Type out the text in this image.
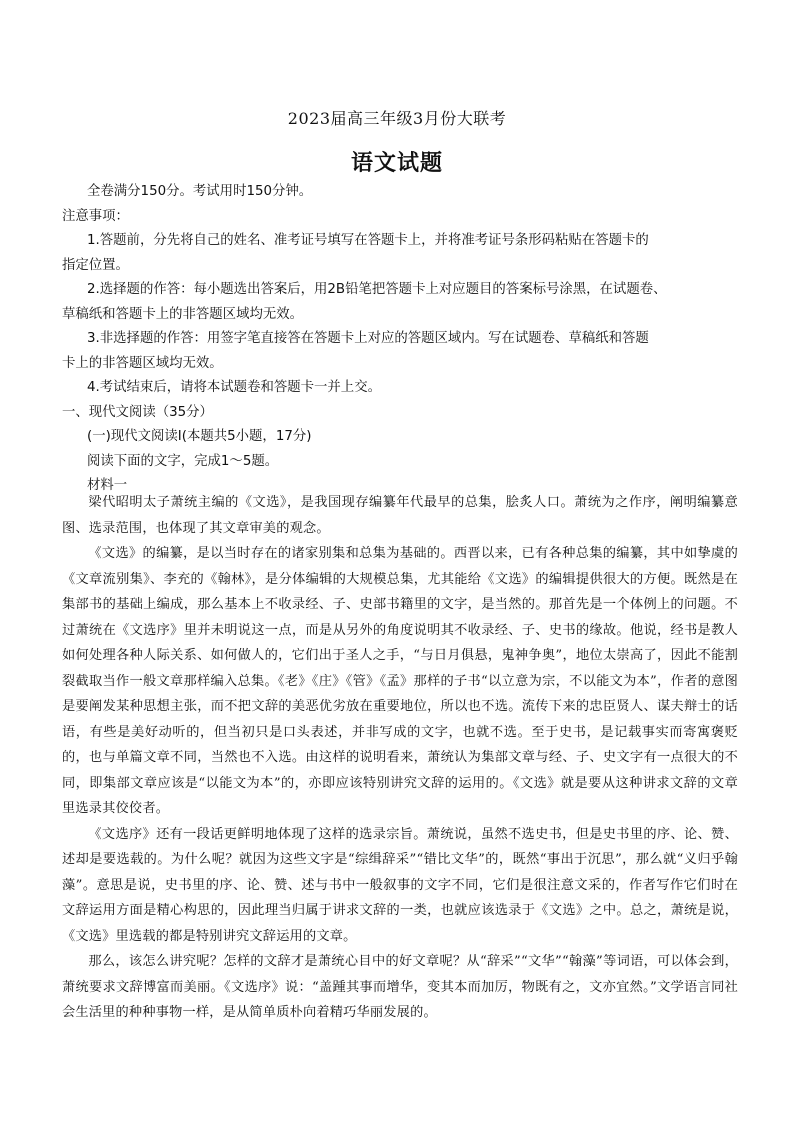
2023届高三年级3月份大联考
语文试题
全卷满分150分。考试用时150分钟。
注意事项：
1.答题前，分先将自己的姓名、准考证号填写在答题卡上，并将准考证号条形码粘贴在答题卡的
指定位置。
2.选择题的作答：每小题选出答案后，用2B铅笔把答题卡上对应题目的答案标号涂黑，在试题卷、
草稿纸和答题卡上的非答题区域均无效。
3.非选择题的作答：用签字笔直接答在答题卡上对应的答题区域内。写在试题卷、草稿纸和答题
卡上的非答题区域均无效。
4.考试结束后，请将本试题卷和答题卡一并上交。
一、现代文阅读（35分）
(一)现代文阅读Ⅰ(本题共5小题，17分)
阅读下面的文字，完成1～5题。
材料一

梁代昭明太子萧统主编的《文选》，是我国现存编纂年代最早的总集，脍炙人口。萧统为之作序，阐明编纂意图、选录范围，也体现了其文章审美的观念。

《文选》的编纂，是以当时存在的诸家别集和总集为基础的。西晋以来，已有各种总集的编纂，其中如挚虞的《文章流别集》、李充的《翰林》，是分体编辑的大规模总集，尤其能给《文选》的编辑提供很大的方便。既然是在集部书的基础上编成，那么基本上不收录经、子、史部书籍里的文字，是当然的。那首先是一个体例上的问题。不过萧统在《文选序》里并未明说这一点，而是从另外的角度说明其不收录经、子、史书的缘故。他说，经书是教人如何处理各种人际关系、如何做人的，它们出于圣人之手，“与日月俱悬，鬼神争奥”，地位太崇高了，因此不能割裂截取当作一般文章那样编入总集。《老》《庄》《管》《孟》那样的子书“以立意为宗，不以能文为本”，作者的意图是要阐发某种思想主张，而不把文辞的美恶优劣放在重要地位，所以也不选。流传下来的忠臣贤人、谋夫辩士的话语，有些是美好动听的，但当初只是口头表述，并非写成的文字，也就不选。至于史书，是记载事实而寄寓褒贬的，也与单篇文章不同，当然也不入选。由这样的说明看来，萧统认为集部文章与经、子、史文字有一点很大的不同，即集部文章应该是“以能文为本”的，亦即应该特别讲究文辞的运用的。《文选》就是要从这种讲求文辞的文章里选录其佼佼者。

《文选序》还有一段话更鲜明地体现了这样的选录宗旨。萧统说，虽然不选史书，但是史书里的序、论、赞、述却是要选载的。为什么呢？就因为这些文字是“综缉辞采”“错比文华”的，既然“事出于沉思”，那么就“义归乎翰藻”。意思是说，史书里的序、论、赞、述与书中一般叙事的文字不同，它们是很注意文采的，作者写作它们时在文辞运用方面是精心构思的，因此理当归属于讲求文辞的一类，也就应该选录于《文选》之中。总之，萧统是说，《文选》里选载的都是特别讲究文辞运用的文章。

那么，该怎么讲究呢？怎样的文辞才是萧统心目中的好文章呢？从“辞采”“文华”“翰藻”等词语，可以体会到，萧统要求文辞博富而美丽。《文选序》说：“盖踵其事而增华，变其本而加厉，物既有之，文亦宜然。”文学语言同社会生活里的种种事物一样，是从简单质朴向着精巧华丽发展的。
